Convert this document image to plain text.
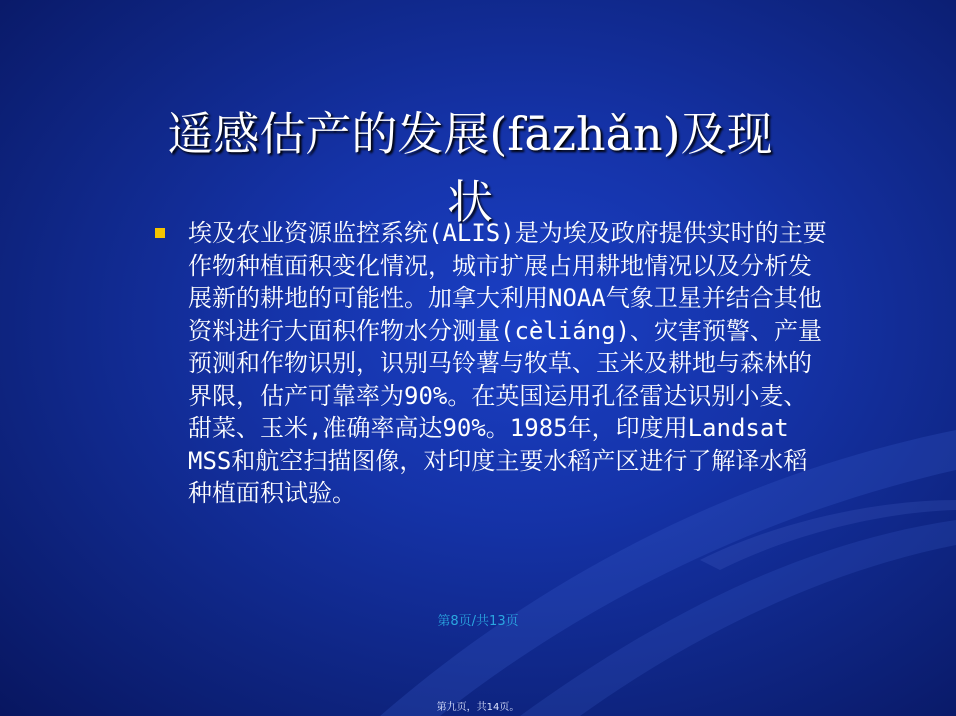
遥感估产的发展(fāzhǎn)及现状
埃及农业资源监控系统(ALIS)是为埃及政府提供实时的主要作物种植面积变化情况，城市扩展占用耕地情况以及分析发展新的耕地的可能性。加拿大利用NOAA气象卫星并结合其他资料进行大面积作物水分测量(cèliáng)、灾害预警、产量预测和作物识别，识别马铃薯与牧草、玉米及耕地与森林的界限，估产可靠率为90%。在英国运用孔径雷达识别小麦、甜菜、玉米,准确率高达90%。1985年，印度用Landsat MSS和航空扫描图像，对印度主要水稻产区进行了解译水稻种植面积试验。
第8页/共13页
第九页，共14页。
